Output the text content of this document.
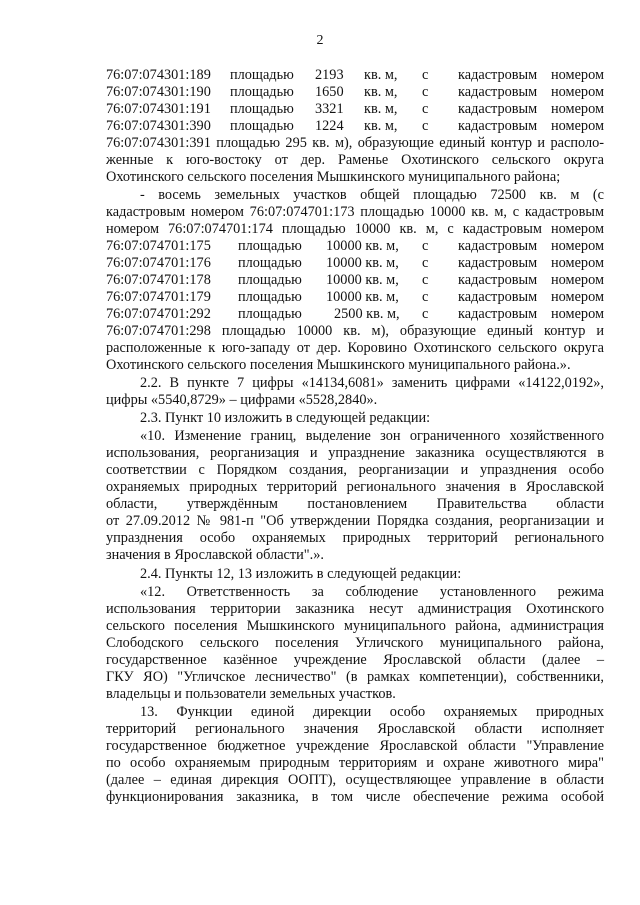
2
76:07:074301:189 площадью 2193 кв. м, с кадастровым номером
76:07:074301:190 площадью 1650 кв. м, с кадастровым номером
76:07:074301:191 площадью 3321 кв. м, с кадастровым номером
76:07:074301:390 площадью 1224 кв. м, с кадастровым номером
76:07:074301:391 площадью 295 кв. м), образующие единый контур и располо-
женные к юго-востоку от дер. Раменье Охотинского сельского округа
Охотинского сельского поселения Мышкинского муниципального района;
- восемь земельных участков общей площадью 72500 кв. м (с
кадастровым номером 76:07:074701:173 площадью 10000 кв. м, с кадастровым
номером 76:07:074701:174 площадью 10000 кв. м, с кадастровым номером
76:07:074701:175 площадью 10000 кв. м, с кадастровым номером
76:07:074701:176 площадью 10000 кв. м, с кадастровым номером
76:07:074701:178 площадью 10000 кв. м, с кадастровым номером
76:07:074701:179 площадью 10000 кв. м, с кадастровым номером
76:07:074701:292 площадью 2500 кв. м, с кадастровым номером
76:07:074701:298 площадью 10000 кв. м), образующие единый контур и
расположенные к юго-западу от дер. Коровино Охотинского сельского округа
Охотинского сельского поселения Мышкинского муниципального района.».
2.2. В пункте 7 цифры «14134,6081» заменить цифрами «14122,0192»,
цифры «5540,8729» – цифрами «5528,2840».
2.3. Пункт 10 изложить в следующей редакции:
«10. Изменение границ, выделение зон ограниченного хозяйственного
использования, реорганизация и упразднение заказника осуществляются в
соответствии с Порядком создания, реорганизации и упразднения особо
охраняемых природных территорий регионального значения в Ярославской
области, утверждённым постановлением Правительства области
от 27.09.2012 № 981-п "Об утверждении Порядка создания, реорганизации и
упразднения особо охраняемых природных территорий регионального
значения в Ярославской области".».
2.4. Пункты 12, 13 изложить в следующей редакции:
«12. Ответственность за соблюдение установленного режима
использования территории заказника несут администрация Охотинского
сельского поселения Мышкинского муниципального района, администрация
Слободского сельского поселения Угличского муниципального района,
государственное казённое учреждение Ярославской области (далее –
ГКУ ЯО) "Угличское лесничество" (в рамках компетенции), собственники,
владельцы и пользователи земельных участков.
13. Функции единой дирекции особо охраняемых природных
территорий регионального значения Ярославской области исполняет
государственное бюджетное учреждение Ярославской области "Управление
по особо охраняемым природным территориям и охране животного мира"
(далее – единая дирекция ООПТ), осуществляющее управление в области
функционирования заказника, в том числе обеспечение режима особой
